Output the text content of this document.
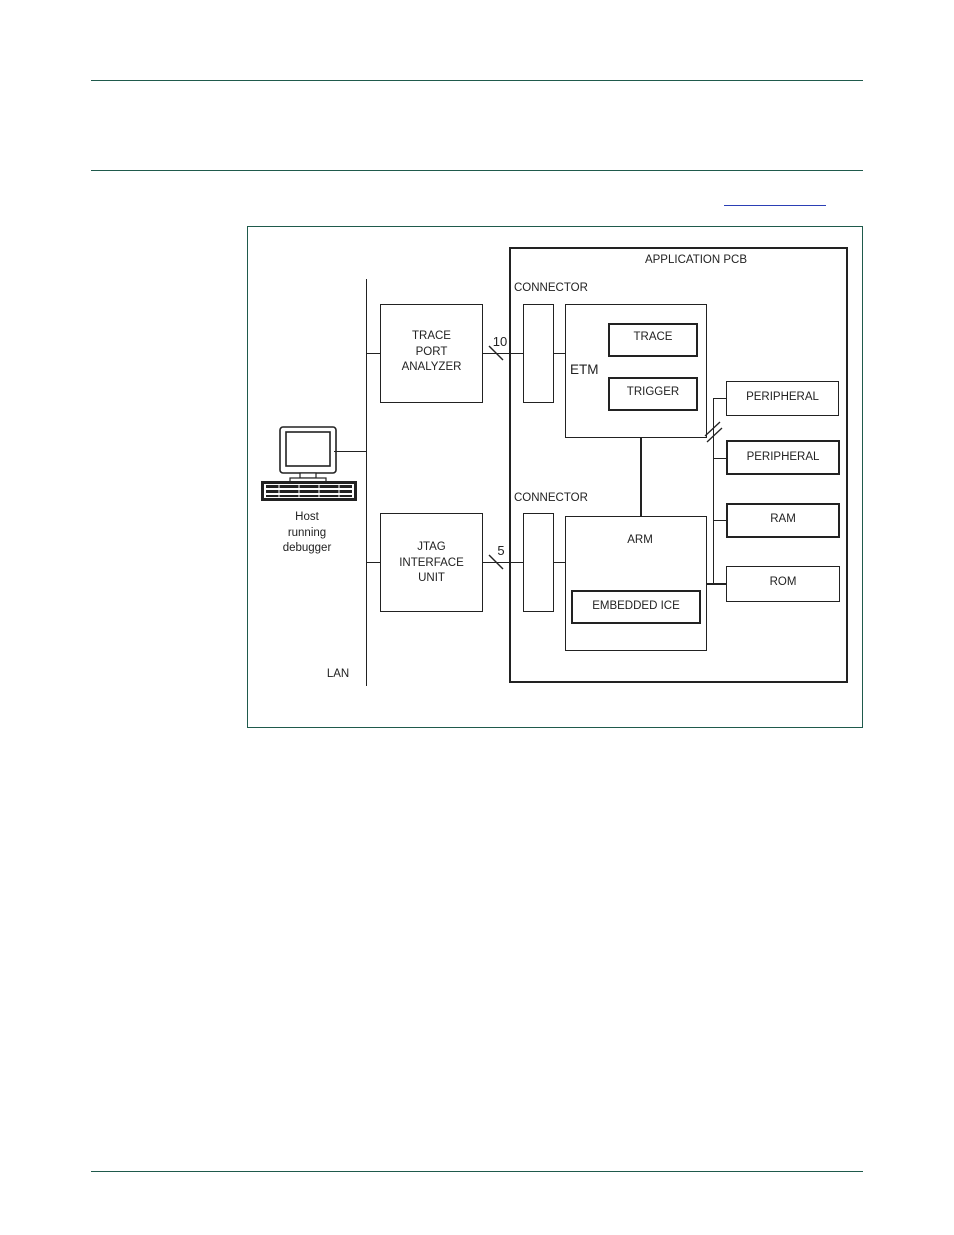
LAN
Host
running
debugger
TRACE
PORT
ANALYZER
JTAG
INTERFACE
UNIT
APPLICATION PCB
CONNECTOR
CONNECTOR
10
5
ETM
TRACE
TRIGGER
ARM
EMBEDDED ICE
PERIPHERAL
PERIPHERAL
RAM
ROM
